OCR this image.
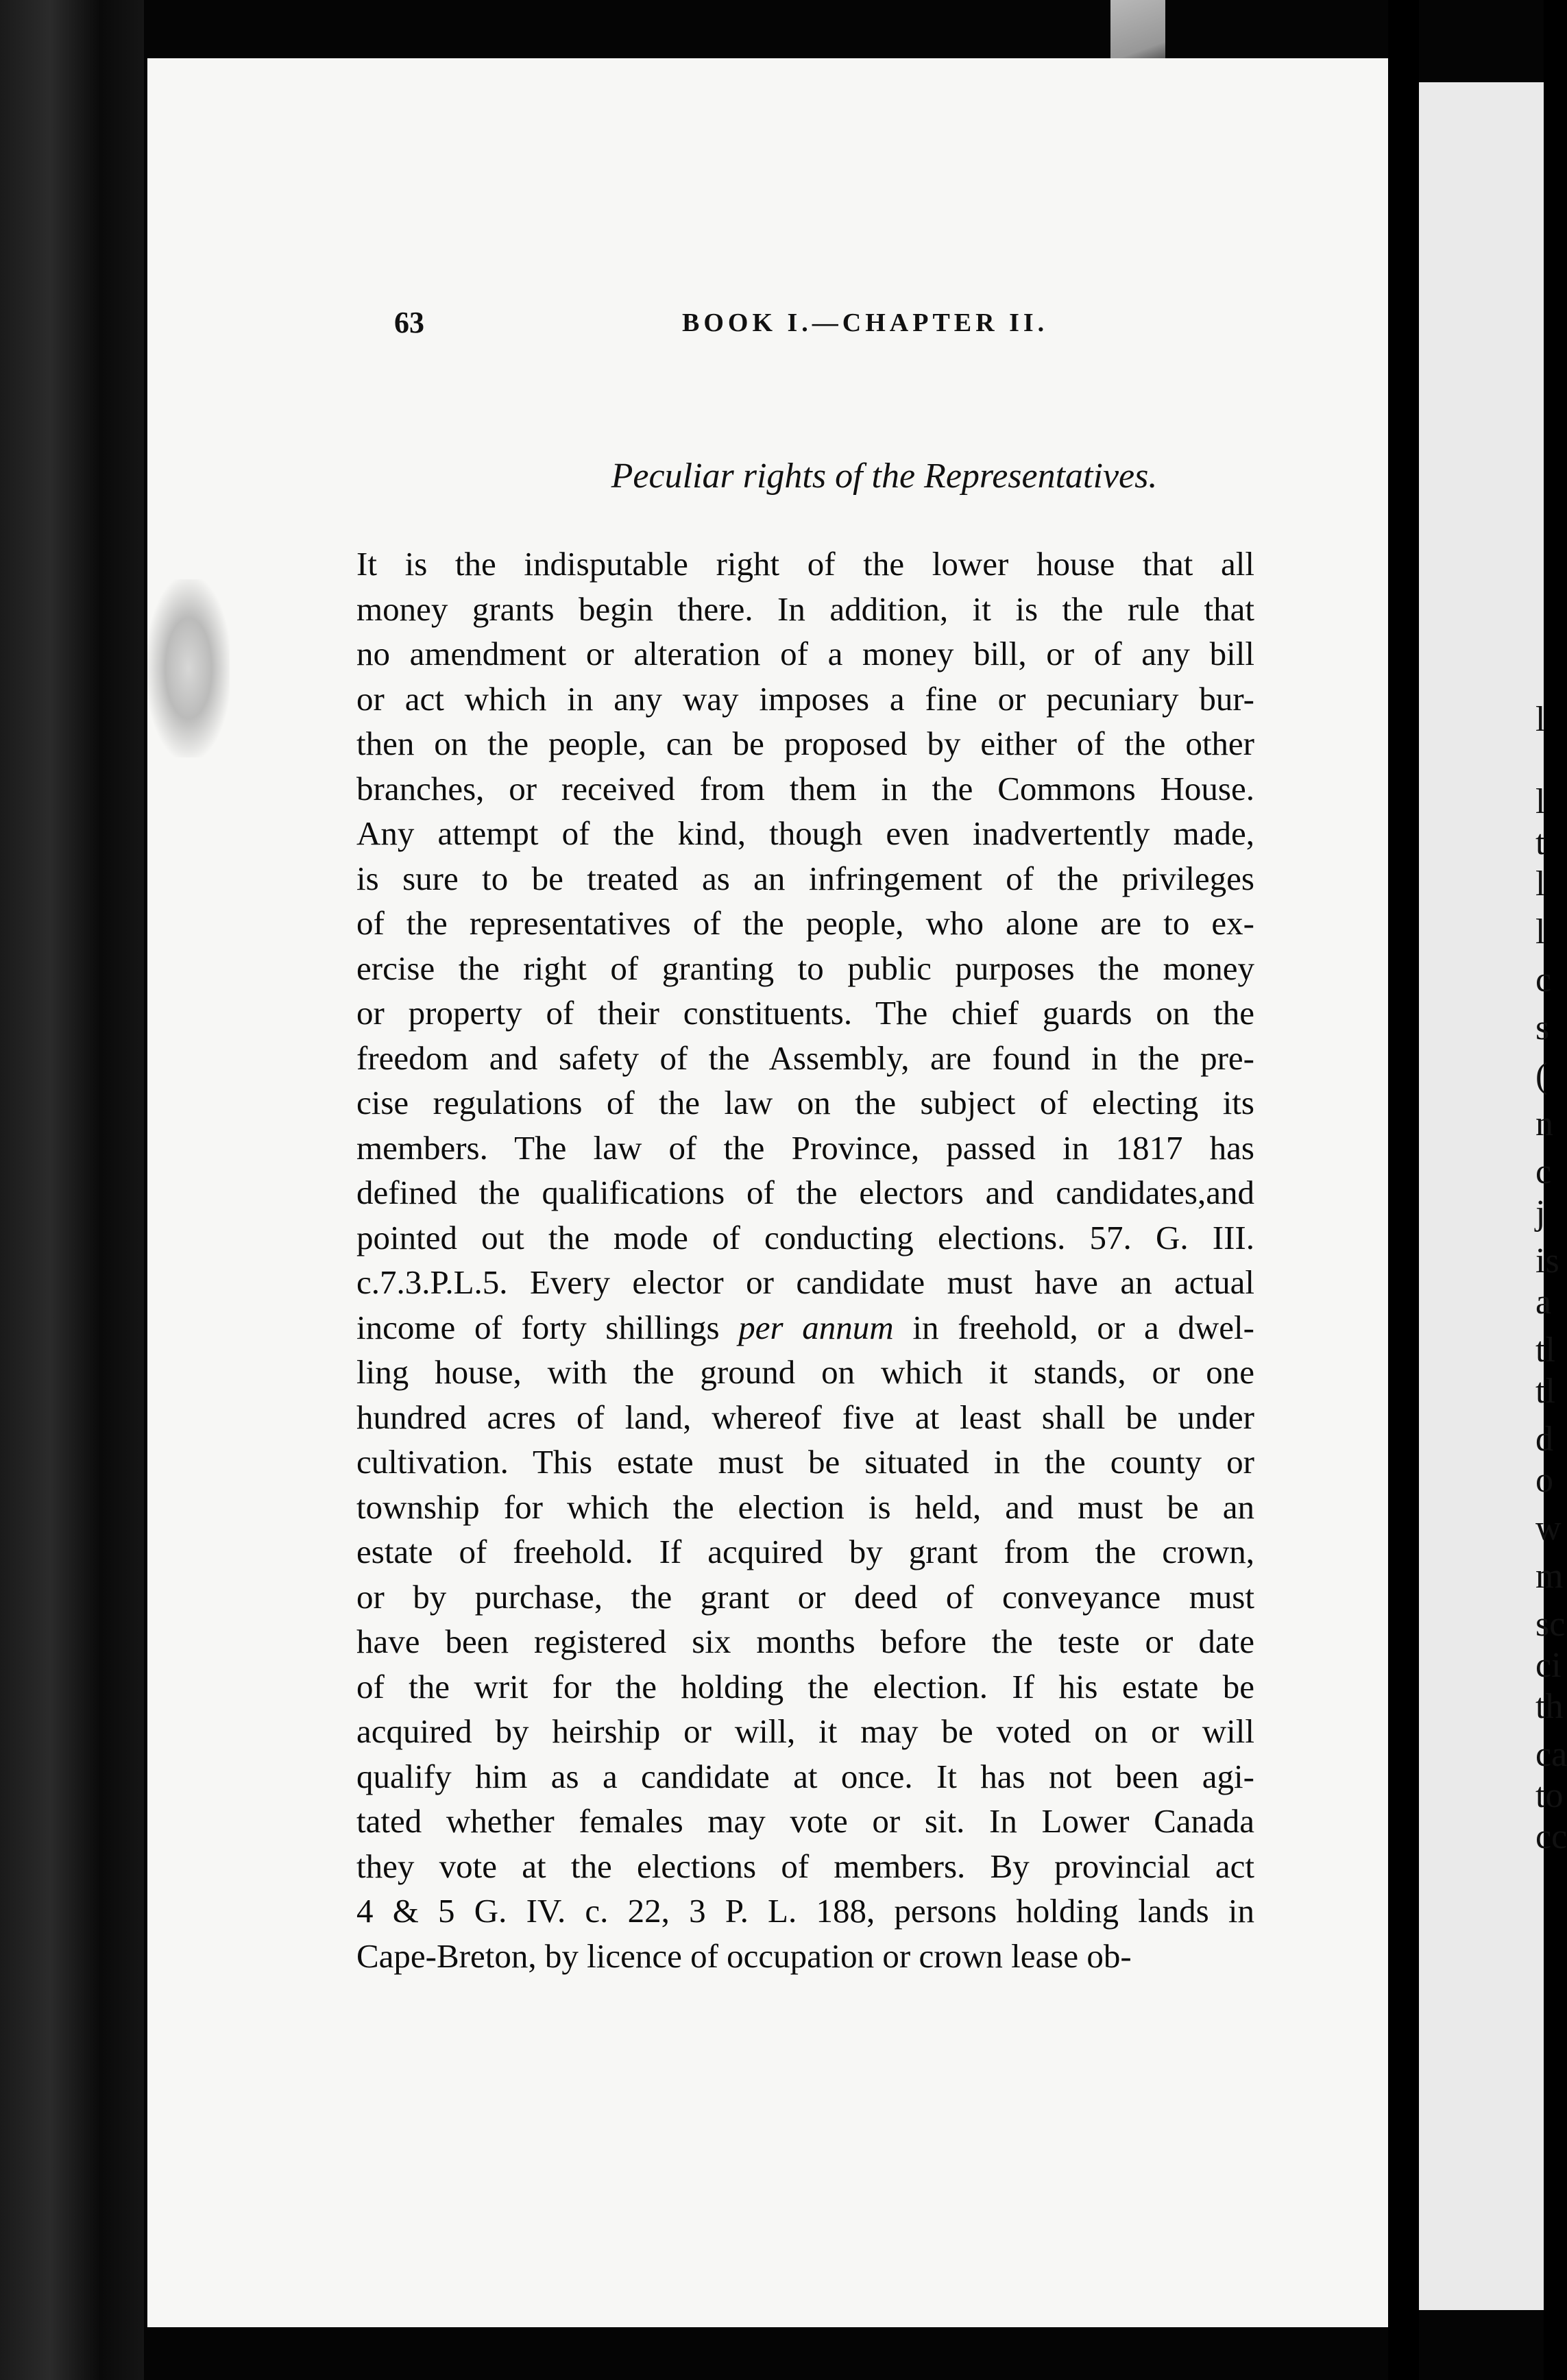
l
l
t
l
l
c
s
(
n
c
j
is
a
tl
tl
d
o
w
m
sc
ci
th
ca
to
cc
63	BOOK I.—CHAPTER II.
Peculiar rights of the Representatives.
It is the indisputable right of the lower house that all
money grants begin there. In addition, it is the rule that
no amendment or alteration of a money bill, or of any bill
or act which in any way imposes a fine or pecuniary bur-
then on the people, can be proposed by either of the other
branches, or received from them in the Commons House.
Any attempt of the kind, though even inadvertently made,
is sure to be treated as an infringement of the privileges
of the representatives of the people, who alone are to ex-
ercise the right of granting to public purposes the money
or property of their constituents. The chief guards on the
freedom and safety of the Assembly, are found in the pre-
cise regulations of the law on the subject of electing its
members. The law of the Province, passed in 1817 has
defined the qualifications of the electors and candidates,and
pointed out the mode of conducting elections. 57. G. III.
c.7.3.P.L.5. Every elector or candidate must have an actual
income of forty shillings per annum in freehold, or a dwel-
ling house, with the ground on which it stands, or one
hundred acres of land, whereof five at least shall be under
cultivation. This estate must be situated in the county or
township for which the election is held, and must be an
estate of freehold. If acquired by grant from the crown,
or by purchase, the grant or deed of conveyance must
have been registered six months before the teste or date
of the writ for the holding the election. If his estate be
acquired by heirship or will, it may be voted on or will
qualify him as a candidate at once. It has not been agi-
tated whether females may vote or sit. In Lower Canada
they vote at the elections of members. By provincial act
4 & 5 G. IV. c. 22, 3 P. L. 188, persons holding lands in
Cape-Breton, by licence of occupation or crown lease ob-
